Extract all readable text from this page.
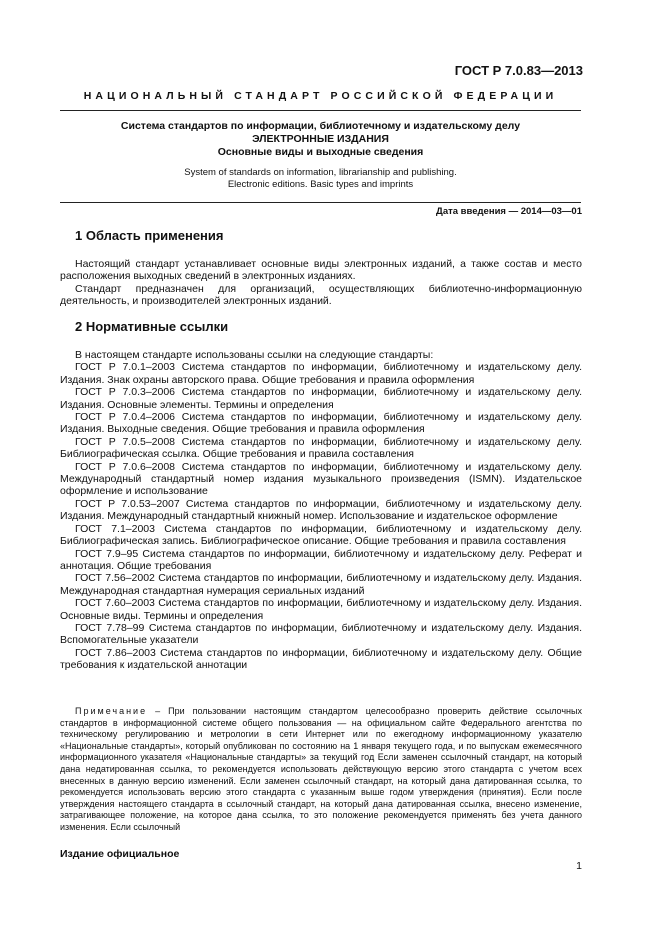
ГОСТ Р 7.0.83—2013
НАЦИОНАЛЬНЫЙ СТАНДАРТ РОССИЙСКОЙ ФЕДЕРАЦИИ
Система стандартов по информации, библиотечному и издательскому делу
ЭЛЕКТРОННЫЕ ИЗДАНИЯ
Основные виды и выходные сведения
System of standards on information, librarianship and publishing.
Electronic editions. Basic types and imprints
Дата введения — 2014—03—01
1 Область применения

Настоящий стандарт устанавливает основные виды электронных изданий, а также состав и место расположения выходных сведений в электронных изданиях.

Стандарт предназначен для организаций, осуществляющих библиотечно-информационную деятельность, и производителей электронных изданий.

2 Нормативные ссылки

В настоящем стандарте использованы ссылки на следующие стандарты:

ГОСТ Р 7.0.1–2003 Система стандартов по информации, библиотечному и издательскому делу. Издания. Знак охраны авторского права. Общие требования и правила оформления

ГОСТ Р 7.0.3–2006 Система стандартов по информации, библиотечному и издательскому делу. Издания. Основные элементы. Термины и определения

ГОСТ Р 7.0.4–2006 Система стандартов по информации, библиотечному и издательскому делу. Издания. Выходные сведения. Общие требования и правила оформления

ГОСТ Р 7.0.5–2008 Система стандартов по информации, библиотечному и издательскому делу. Библиографическая ссылка. Общие требования и правила составления

ГОСТ Р 7.0.6–2008 Система стандартов по информации, библиотечному и издательскому делу. Международный стандартный номер издания музыкального произведения (ISMN). Издательское оформление и использование

ГОСТ Р 7.0.53–2007 Система стандартов по информации, библиотечному и издательскому делу. Издания. Международный стандартный книжный номер. Использование и издательское оформление

ГОСТ 7.1–2003 Система стандартов по информации, библиотечному и издательскому делу. Библиографическая запись. Библиографическое описание. Общие требования и правила составления

ГОСТ 7.9–95 Система стандартов по информации, библиотечному и издательскому делу. Реферат и аннотация. Общие требования

ГОСТ 7.56–2002 Система стандартов по информации, библиотечному и издательскому делу. Издания. Международная стандартная нумерация сериальных изданий

ГОСТ 7.60–2003 Система стандартов по информации, библиотечному и издательскому делу. Издания. Основные виды. Термины и определения

ГОСТ 7.78–99 Система стандартов по информации, библиотечному и издательскому делу. Издания. Вспомогательные указатели

ГОСТ 7.86–2003 Система стандартов по информации, библиотечному и издательскому делу. Общие требования к издательской аннотации

Примечание – При пользовании настоящим стандартом целесообразно проверить действие ссылочных стандартов в информационной системе общего пользования — на официальном сайте Федерального агентства по техническому регулированию и метрологии в сети Интернет или по ежегодному информационному указателю «Национальные стандарты», который опубликован по состоянию на 1 января текущего года, и по выпускам ежемесячного информационного указателя «Национальные стандарты» за текущий год Если заменен ссылочный стандарт, на который дана недатированная ссылка, то рекомендуется использовать действующую версию этого стандарта с учетом всех внесенных в данную версию изменений. Если заменен ссылочный стандарт, на который дана датированная ссылка, то рекомендуется использовать версию этого стандарта с указанным выше годом утверждения (принятия). Если после утверждения настоящего стандарта в ссылочный стандарт, на который дана датированная ссылка, внесено изменение, затрагивающее положение, на которое дана ссылка, то это положение рекомендуется применять без учета данного изменения. Если ссылочный
Издание официальное
1
